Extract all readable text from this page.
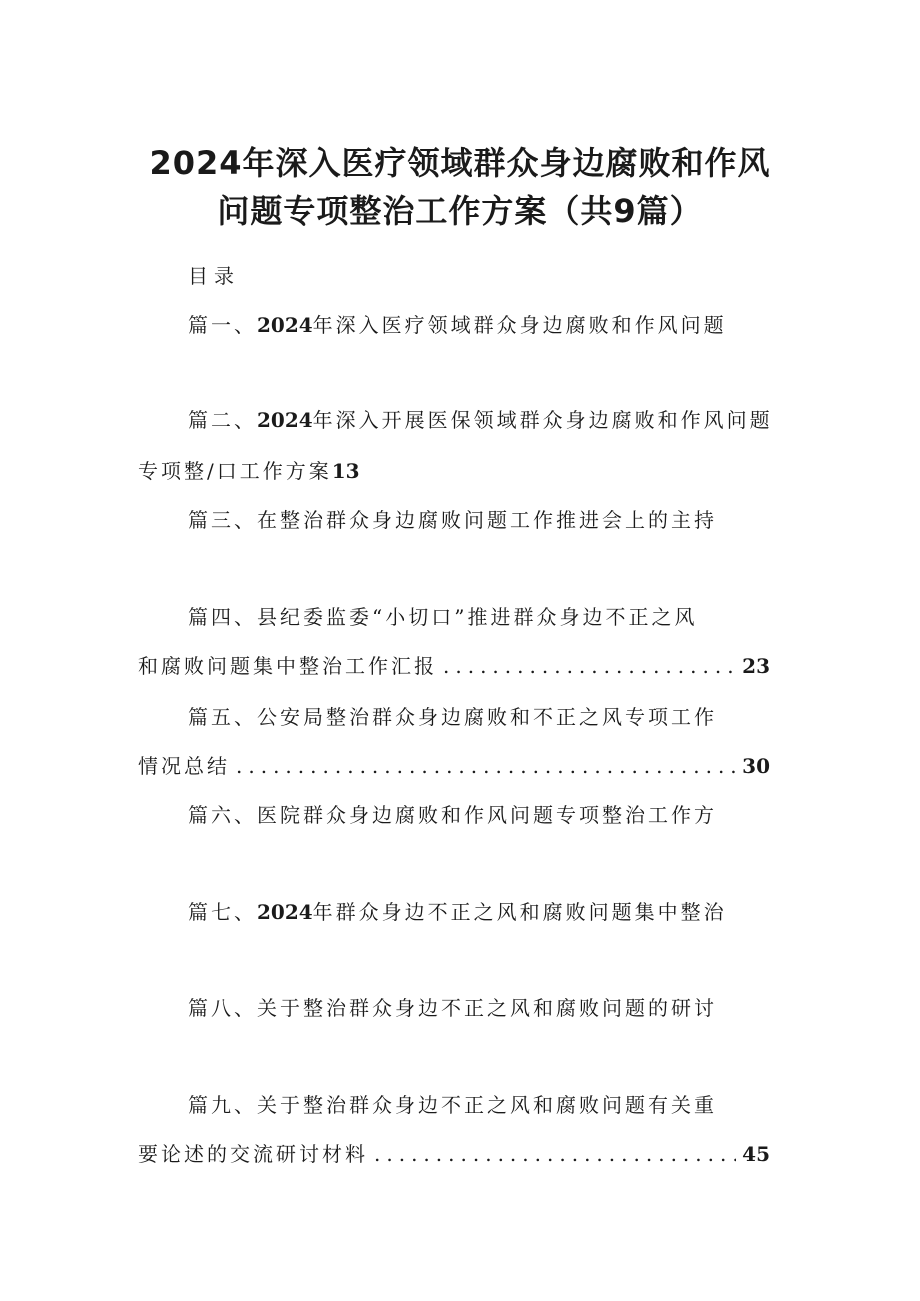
2024年深入医疗领域群众身边腐败和作风
问题专项整治工作方案（共9篇）
目录
篇一、2024年深入医疗领域群众身边腐败和作风问题
篇二、2024年深入开展医保领域群众身边腐败和作风问题
专项整/口工作方案13
篇三、在整治群众身边腐败问题工作推进会上的主持
篇四、县纪委监委“小切口”推进群众身边不正之风
和腐败问题集中整治工作汇报 .....	23
篇五、公安局整治群众身边腐败和不正之风专项工作
情况总结 .....	30
篇六、医院群众身边腐败和作风问题专项整治工作方
篇七、2024年群众身边不正之风和腐败问题集中整治
篇八、关于整治群众身边不正之风和腐败问题的研讨
篇九、关于整治群众身边不正之风和腐败问题有关重
要论述的交流研讨材料 .....	45
